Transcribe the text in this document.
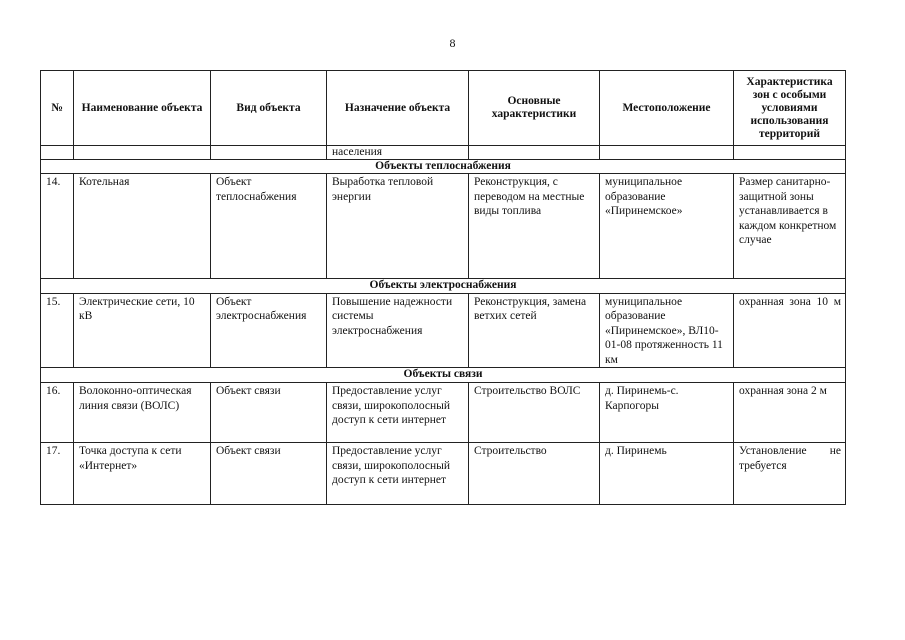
8
№	Наименование объекта	Вид объекта	Назначение объекта	Основные характеристики	Местоположение	Характеристика зон с особыми условиями использования территорий
			населения			
Объекты теплоснабжения						
14.	Котельная	Объект теплоснабжения	Выработка тепловой энергии	Реконструкция, с переводом на местные виды топлива	муниципальное образование «Пиринемское»	Размер санитарно-защитной зоны устанавливается в каждом конкретном случае
Объекты электроснабжения						
15.	Электрические сети, 10 кВ	Объект электроснабжения	Повышение надежности системы электроснабжения	Реконструкция, замена ветхих сетей	муниципальное образование «Пиринемское», ВЛ10-01-08 протяженность 11 км	охранная зона 10 м
Объекты связи						
16.	Волоконно-оптическая линия связи (ВОЛС)	Объект связи	Предоставление услуг связи, широкополосный доступ к сети интернет	Строительство ВОЛС	д. Пиринемь-с. Карпогоры	охранная зона 2 м
17.	Точка доступа к сети «Интернет»	Объект связи	Предоставление услуг связи, широкополосный доступ к сети интернет	Строительство	д. Пиринемь	Установление не требуется
